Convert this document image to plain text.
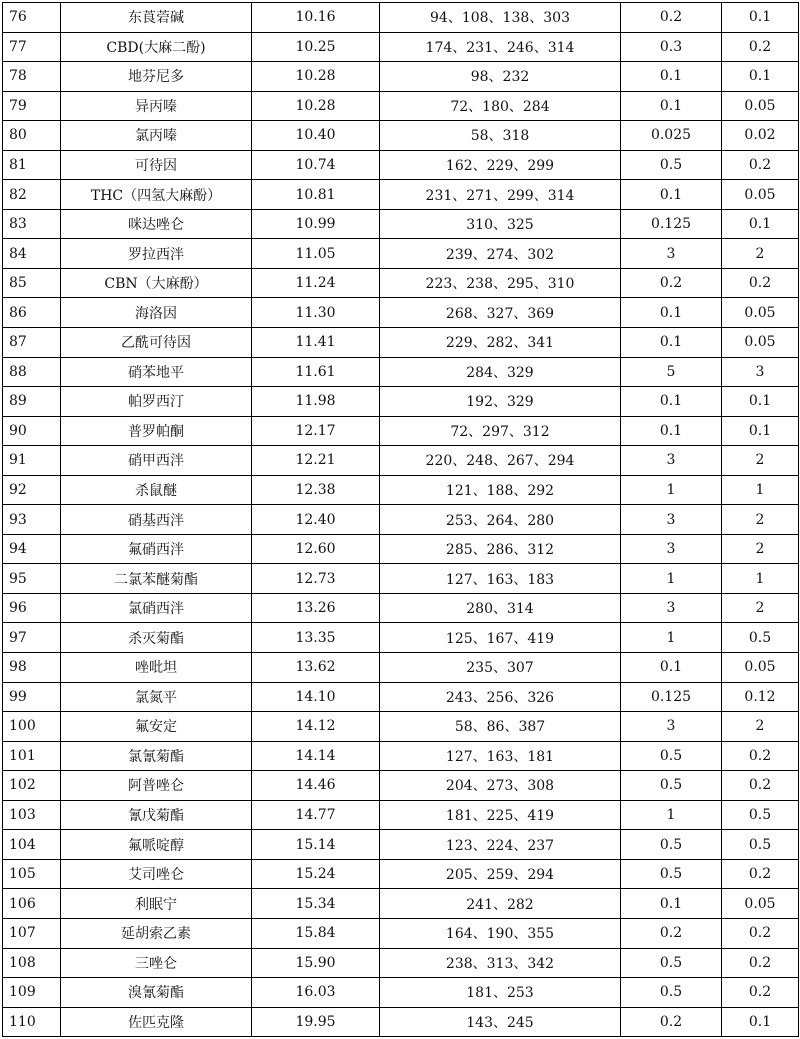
76	东莨菪碱	10.16	94、108、138、303	0.2	0.1
77	CBD(大麻二酚)	10.25	174、231、246、314	0.3	0.2
78	地芬尼多	10.28	98、232	0.1	0.1
79	异丙嗪	10.28	72、180、284	0.1	0.05
80	氯丙嗪	10.40	58、318	0.025	0.02
81	可待因	10.74	162、229、299	0.5	0.2
82	THC（四氢大麻酚）	10.81	231、271、299、314	0.1	0.05
83	咪达唑仑	10.99	310、325	0.125	0.1
84	罗拉西泮	11.05	239、274、302	3	2
85	CBN（大麻酚）	11.24	223、238、295、310	0.2	0.2
86	海洛因	11.30	268、327、369	0.1	0.05
87	乙酰可待因	11.41	229、282、341	0.1	0.05
88	硝苯地平	11.61	284、329	5	3
89	帕罗西汀	11.98	192、329	0.1	0.1
90	普罗帕酮	12.17	72、297、312	0.1	0.1
91	硝甲西泮	12.21	220、248、267、294	3	2
92	杀鼠醚	12.38	121、188、292	1	1
93	硝基西泮	12.40	253、264、280	3	2
94	氟硝西泮	12.60	285、286、312	3	2
95	二氯苯醚菊酯	12.73	127、163、183	1	1
96	氯硝西泮	13.26	280、314	3	2
97	杀灭菊酯	13.35	125、167、419	1	0.5
98	唑吡坦	13.62	235、307	0.1	0.05
99	氯氮平	14.10	243、256、326	0.125	0.12
100	氟安定	14.12	58、86、387	3	2
101	氯氰菊酯	14.14	127、163、181	0.5	0.2
102	阿普唑仑	14.46	204、273、308	0.5	0.2
103	氰戊菊酯	14.77	181、225、419	1	0.5
104	氟哌啶醇	15.14	123、224、237	0.5	0.5
105	艾司唑仑	15.24	205、259、294	0.5	0.2
106	利眠宁	15.34	241、282	0.1	0.05
107	延胡索乙素	15.84	164、190、355	0.2	0.2
108	三唑仑	15.90	238、313、342	0.5	0.2
109	溴氰菊酯	16.03	181、253	0.5	0.2
110	佐匹克隆	19.95	143、245	0.2	0.1
